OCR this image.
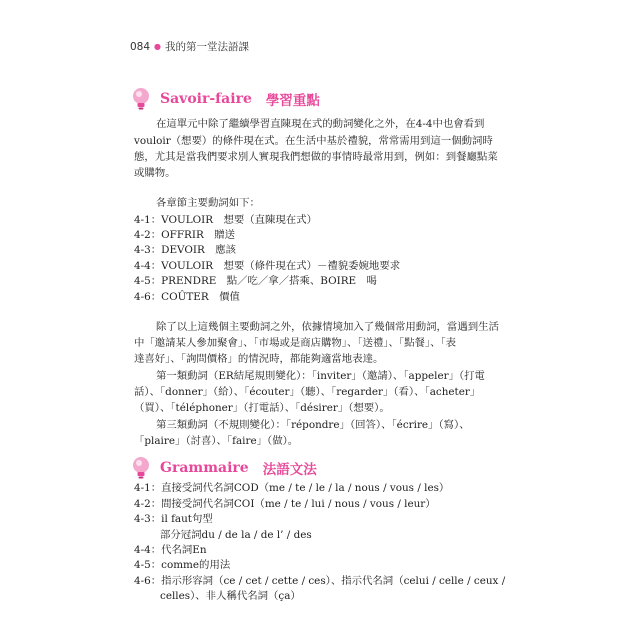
084 ● 我的第一堂法語課
Savoir-faire 學習重點
在這單元中除了繼續學習直陳現在式的動詞變化之外，在4-4中也會看到
vouloir（想要）的條件現在式。在生活中基於禮貌，常常需用到這一個動詞時
態，尤其是當我們要求別人實現我們想做的事情時最常用到，例如：到餐廳點菜
或購物。
各章節主要動詞如下：
4-1：VOULOIR　想要（直陳現在式）
4-2：OFFRIR　贈送
4-3：DEVOIR　應該
4-4：VOULOIR　想要（條件現在式）－禮貌委婉地要求
4-5：PRENDRE　點／吃／拿／搭乘、BOIRE　喝
4-6：COÛTER　價值
除了以上這幾個主要動詞之外，依據情境加入了幾個常用動詞，當遇到生活
中「邀請某人參加聚會」、「市場或是商店購物」、「送禮」、「點餐」、「表
達喜好」、「詢問價格」的情況時，都能夠適當地表達。
第一類動詞（ER結尾規則變化）：「inviter」（邀請）、「appeler」（打電
話）、「donner」（給）、「écouter」（聽）、「regarder」（看）、「acheter」
（買）、「téléphoner」（打電話）、「désirer」（想要）。
第三類動詞（不規則變化）：「répondre」（回答）、「écrire」（寫）、
「plaire」（討喜）、「faire」（做）。
Grammaire 法語文法
4-1：直接受詞代名詞COD（me / te / le / la / nous / vous / les）
4-2：間接受詞代名詞COI（me / te / lui / nous / vous / leur）
4-3：il faut句型
部分冠詞du / de la / de l’ / des
4-4：代名詞En
4-5：comme的用法
4-6：指示形容詞（ce / cet / cette / ces）、指示代名詞（celui / celle / ceux /
celles）、非人稱代名詞（ça）
